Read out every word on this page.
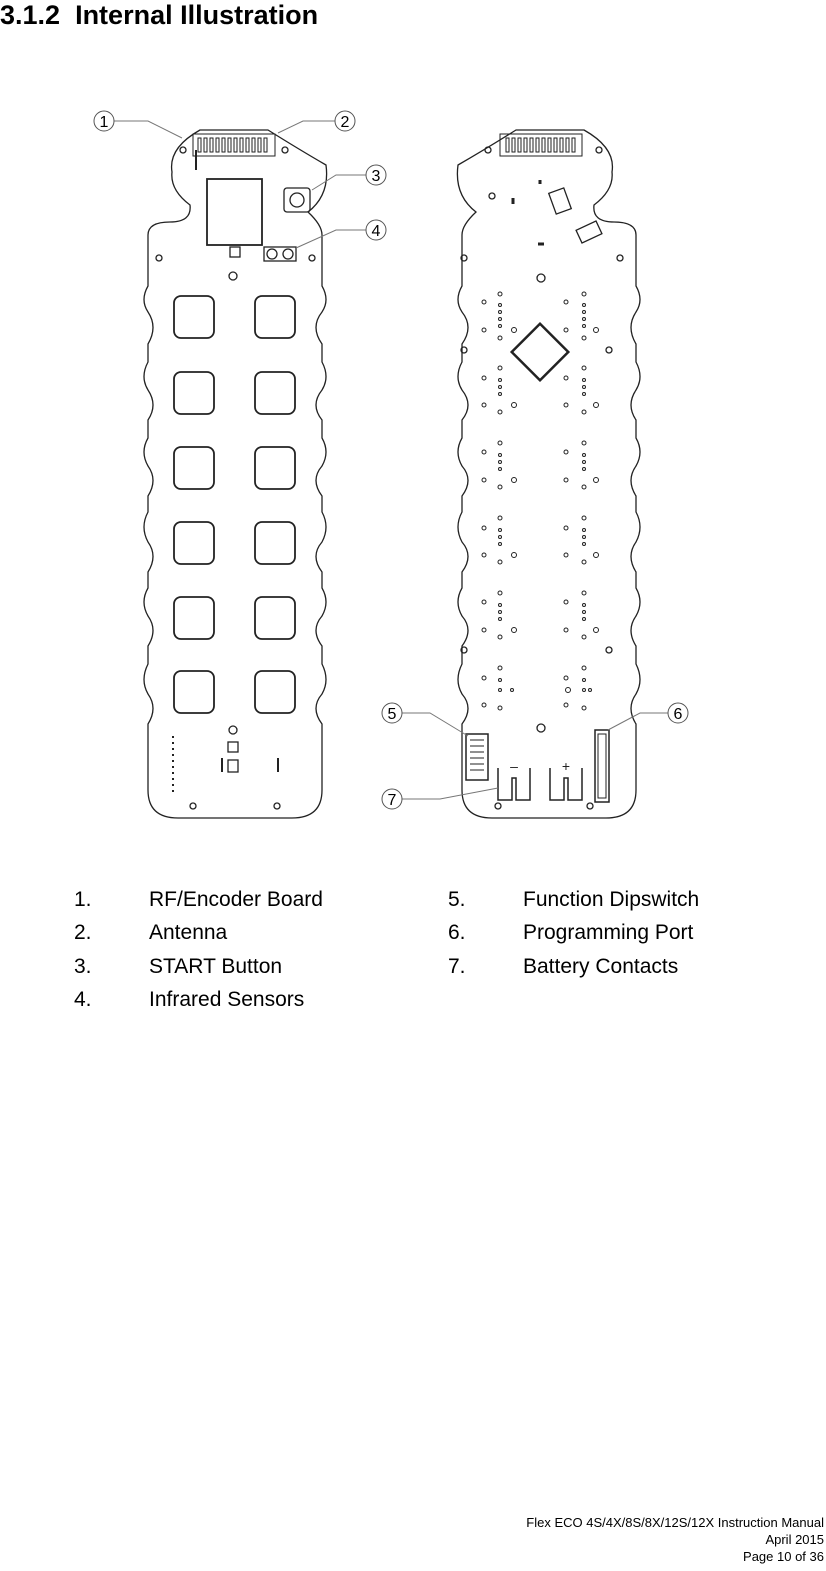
3.1.2 Internal Illustration
1	2
3
4
5	6
7
–	+
1.	RF/Encoder Board
2.	Antenna
3.	START Button
4.	Infrared Sensors
5.	Function Dipswitch
6.	Programming Port
7.	Battery Contacts
Flex ECO 4S/4X/8S/8X/12S/12X Instruction Manual
April 2015
Page 10 of 36
